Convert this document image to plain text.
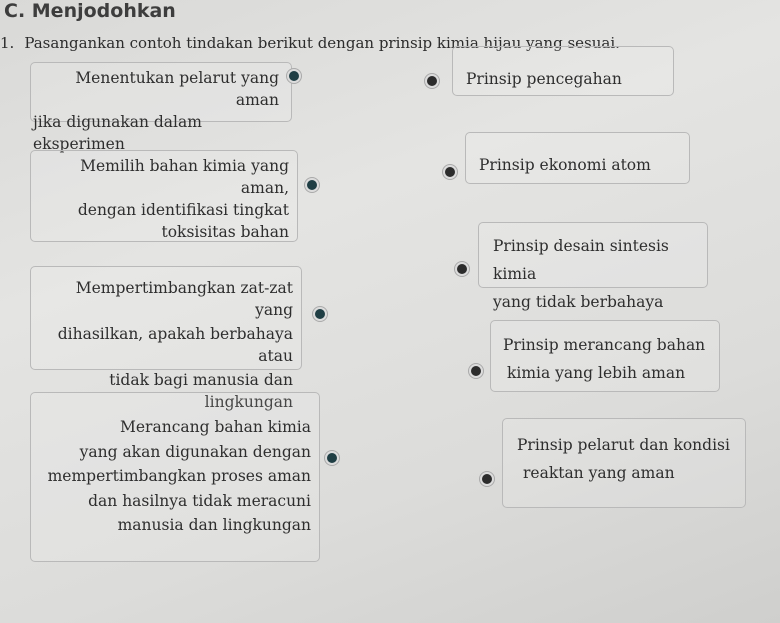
C. Menjodohkan
1. Pasangankan contoh tindakan berikut dengan prinsip kimia hijau yang sesuai.
Menentukan pelarut yang aman
jika digunakan dalam eksperimen
Memilih bahan kimia yang aman,
dengan identifikasi tingkat
toksisitas bahan
Mempertimbangkan zat-zat yang
dihasilkan, apakah berbahaya atau
tidak bagi manusia dan lingkungan
Merancang bahan kimia
yang akan digunakan dengan
mempertimbangkan proses aman
dan hasilnya tidak meracuni
manusia dan lingkungan
Prinsip pencegahan
Prinsip ekonomi atom
Prinsip desain sintesis kimia
yang tidak berbahaya
Prinsip merancang bahan
kimia yang lebih aman
Prinsip pelarut dan kondisi
reaktan yang aman
